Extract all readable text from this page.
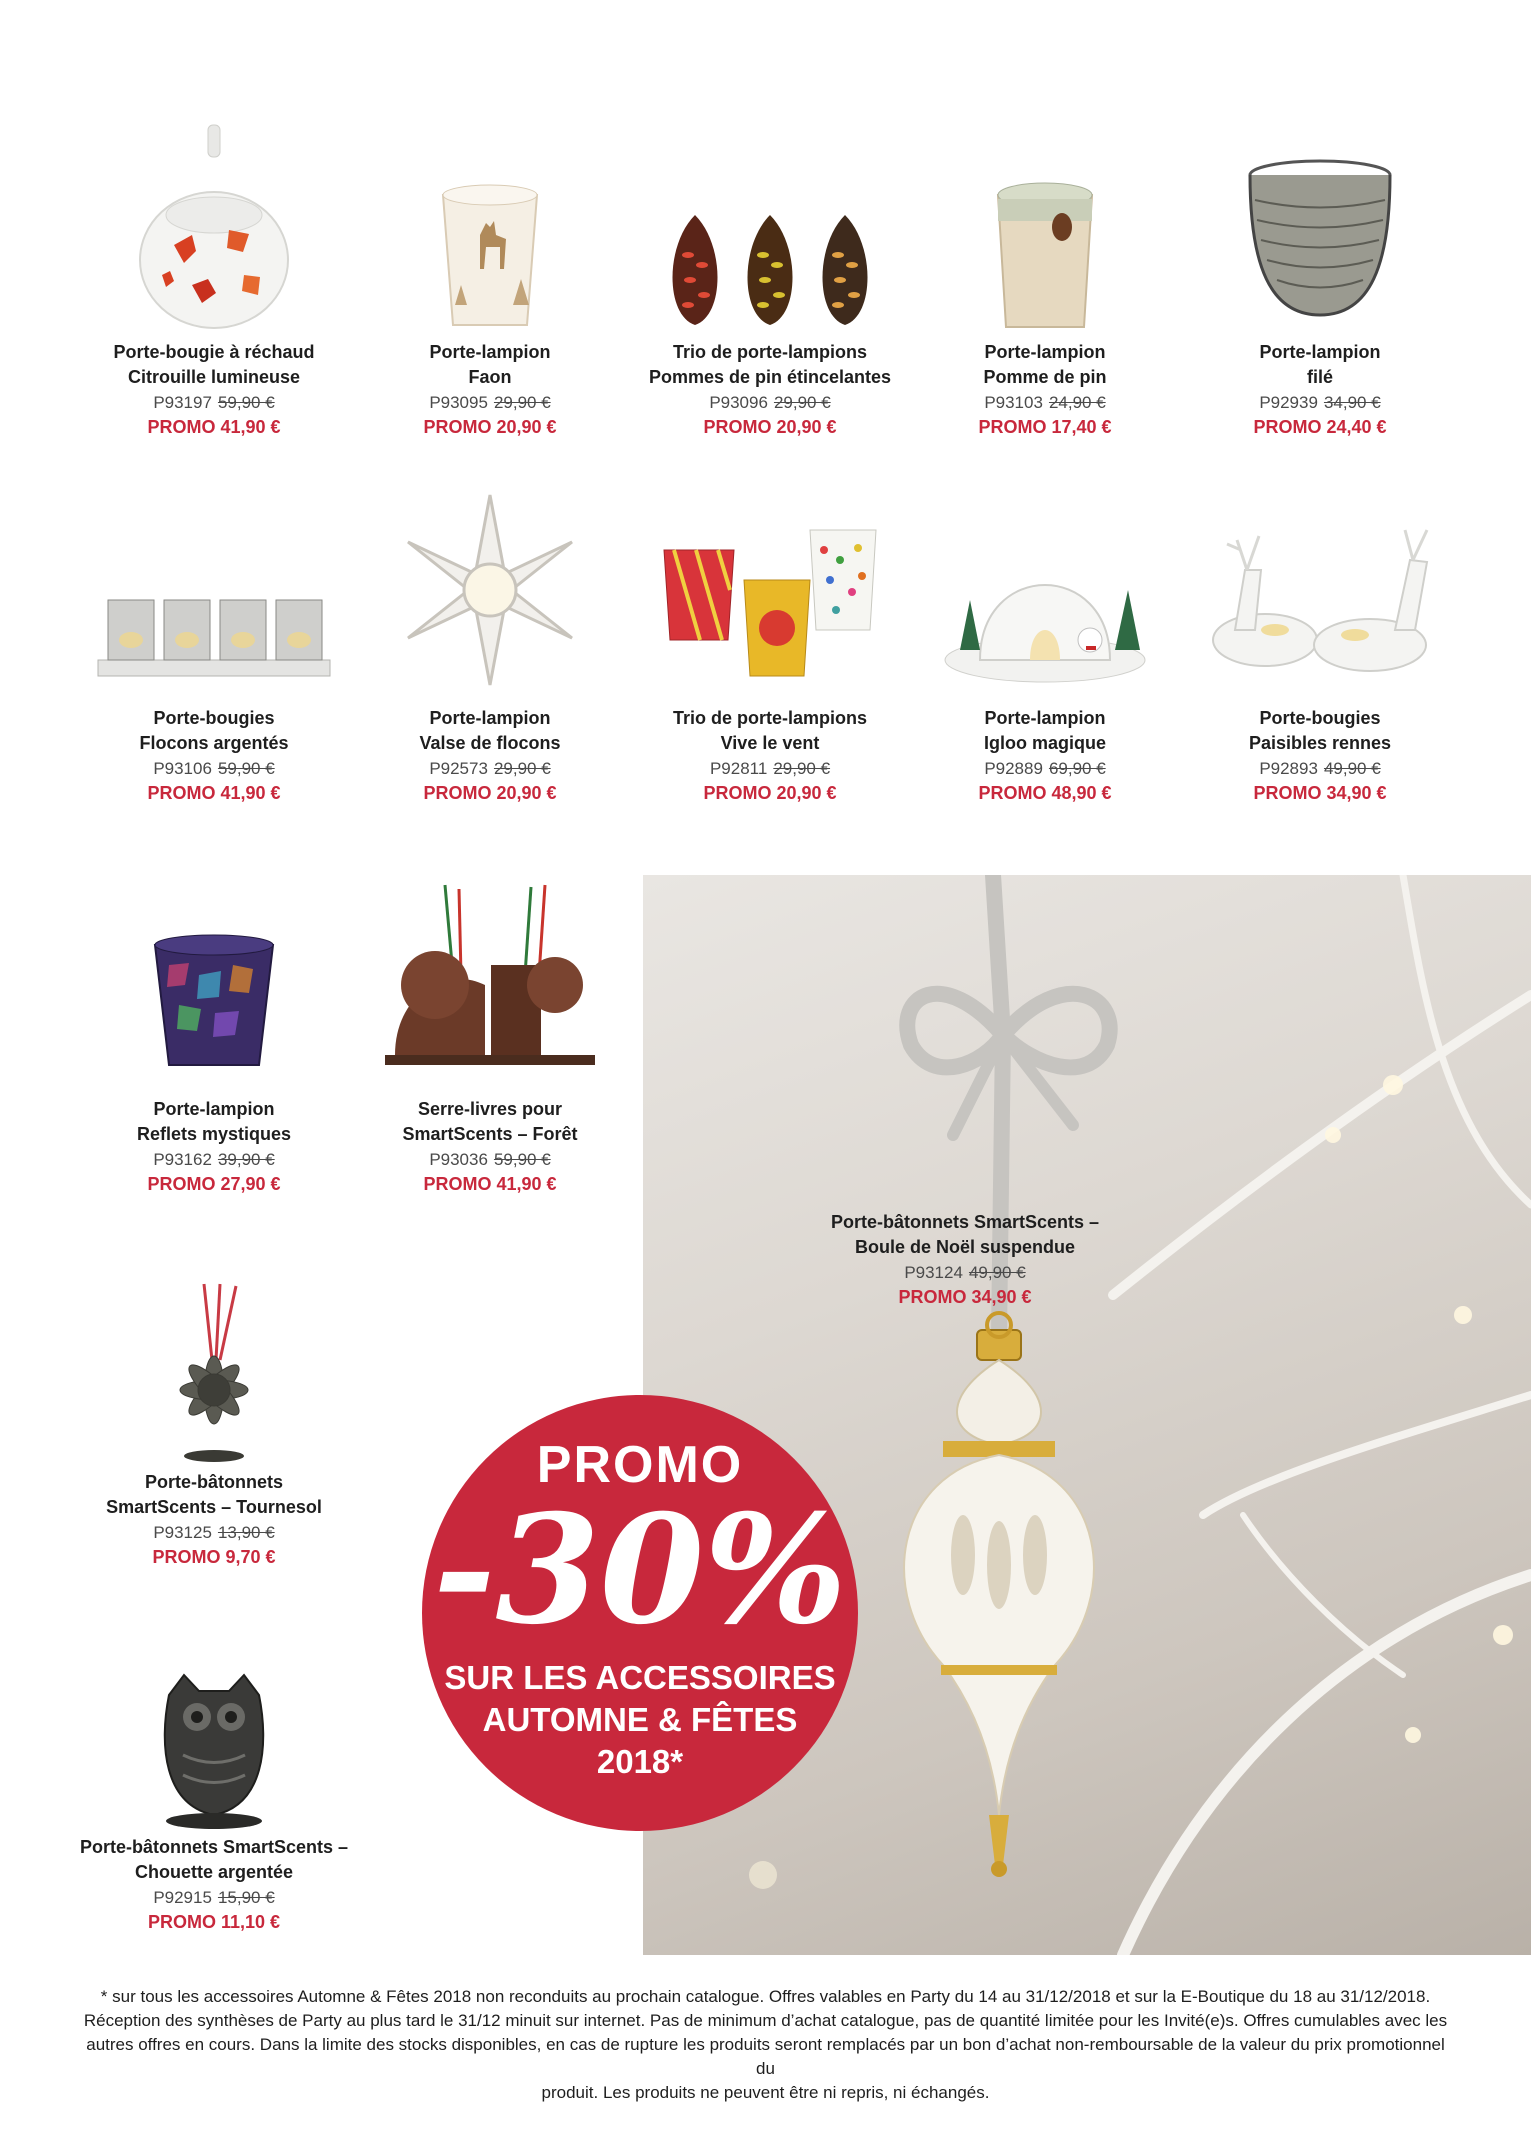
Porte-bougie à réchaud
Citrouille lumineuse
P93197 59,90 €
PROMO 41,90 €
Porte-lampion
Faon
P93095 29,90 €
PROMO 20,90 €
Trio de porte-lampions
Pommes de pin étincelantes
P93096 29,90 €
PROMO 20,90 €
Porte-lampion
Pomme de pin
P93103 24,90 €
PROMO 17,40 €
Porte-lampion
filé
P92939 34,90 €
PROMO 24,40 €
Porte-bougies
Flocons argentés
P93106 59,90 €
PROMO 41,90 €
Porte-lampion
Valse de flocons
P92573 29,90 €
PROMO 20,90 €
Trio de porte-lampions
Vive le vent
P92811 29,90 €
PROMO 20,90 €
Porte-lampion
Igloo magique
P92889 69,90 €
PROMO 48,90 €
Porte-bougies
Paisibles rennes
P92893 49,90 €
PROMO 34,90 €
Porte-lampion
Reflets mystiques
P93162 39,90 €
PROMO 27,90 €
Serre-livres pour
SmartScents – Forêt
P93036 59,90 €
PROMO 41,90 €
Porte-bâtonnets
SmartScents – Tournesol
P93125 13,90 €
PROMO 9,70 €
Porte-bâtonnets SmartScents –
Chouette argentée
P92915 15,90 €
PROMO 11,10 €
Porte-bâtonnets SmartScents –
Boule de Noël suspendue
P93124 49,90 €
PROMO 34,90 €
PROMO
-30%
SUR LES ACCESSOIRES
AUTOMNE & FÊTES
2018*
* sur tous les accessoires Automne & Fêtes 2018 non reconduits au prochain catalogue. Offres valables en Party du 14 au 31/12/2018 et sur la E-Boutique du 18 au 31/12/2018.
Réception des synthèses de Party au plus tard le 31/12 minuit sur internet. Pas de minimum d’achat catalogue, pas de quantité limitée pour les Invité(e)s. Offres cumulables avec les
autres offres en cours. Dans la limite des stocks disponibles, en cas de rupture les produits seront remplacés par un bon d’achat non-remboursable de la valeur du prix promotionnel du
produit. Les produits ne peuvent être ni repris, ni échangés.
